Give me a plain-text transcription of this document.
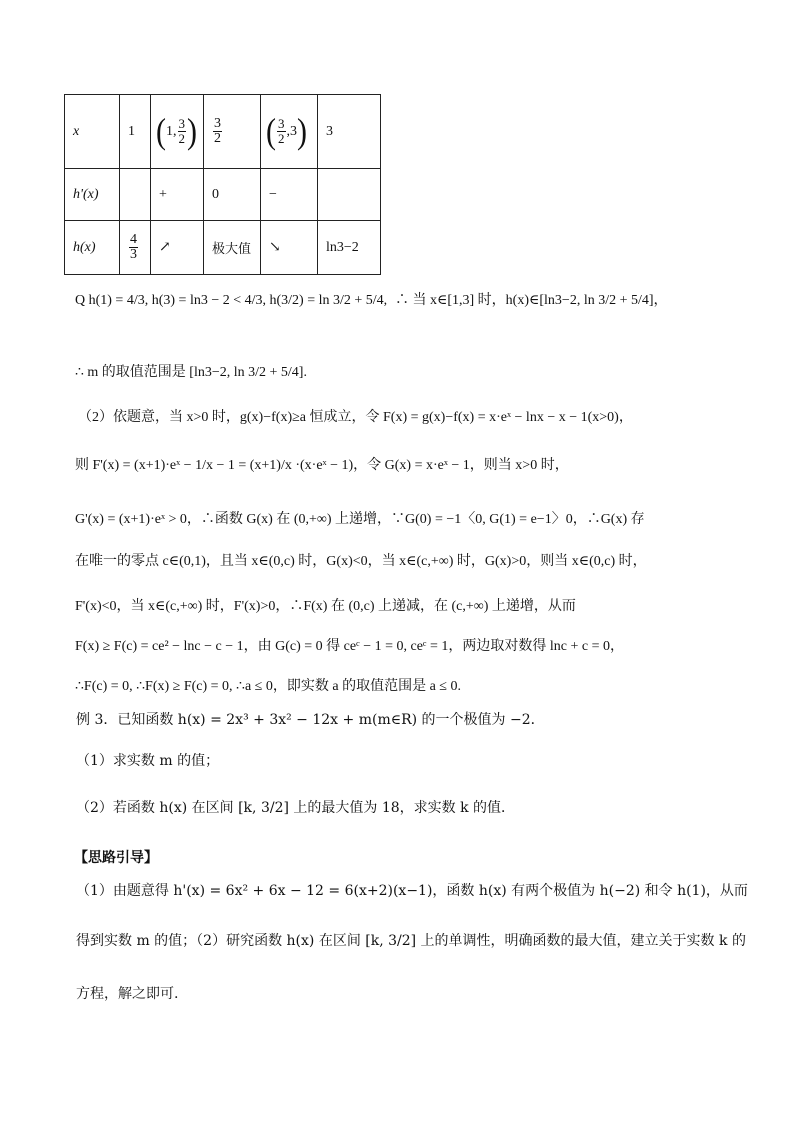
x	1	(1, $\frac{3}{2}$ )	$\frac{3}{2}$	( $\frac{3}{2} ,3$)	3
h'(x)		+	0	−	
h(x)	$\frac{4}{3}$	↗	极大值	↘	ln3−2
Q h(1) = 4/3, h(3) = ln3 − 2 < 4/3, h(3/2) = ln 3/2 + 5/4, ∴ 当 x∈[1,3] 时，h(x)∈[ln3−2, ln 3/2 + 5/4]，
∴ m 的取值范围是 [ln3−2, ln 3/2 + 5/4].
（2）依题意，当 x>0 时，g(x)−f(x)≥a 恒成立，令 F(x) = g(x)−f(x) = x·eˣ − lnx − x − 1(x>0)，
则 F'(x) = (x+1)·eˣ − 1/x − 1 = (x+1)/x ·(x·eˣ − 1)，令 G(x) = x·eˣ − 1，则当 x>0 时，
G'(x) = (x+1)·eˣ > 0，∴函数 G(x) 在 (0,+∞) 上递增，∵G(0) = −1〈0, G(1) = e−1〉0，∴G(x) 存
在唯一的零点 c∈(0,1)，且当 x∈(0,c) 时，G(x)<0，当 x∈(c,+∞) 时，G(x)>0，则当 x∈(0,c) 时，
F'(x)<0，当 x∈(c,+∞) 时，F'(x)>0，∴F(x) 在 (0,c) 上递减，在 (c,+∞) 上递增，从而
F(x) ≥ F(c) = ce² − lnc − c − 1，由 G(c) = 0 得 ceᶜ − 1 = 0, ceᶜ = 1，两边取对数得 lnc + c = 0，
∴F(c) = 0, ∴F(x) ≥ F(c) = 0, ∴a ≤ 0，即实数 a 的取值范围是 a ≤ 0.
例 3．已知函数 h(x) = 2x³ + 3x² − 12x + m(m∈R) 的一个极值为 −2．
（1）求实数 m 的值；
（2）若函数 h(x) 在区间 [k, 3/2] 上的最大值为 18，求实数 k 的值．
【思路引导】
（1）由题意得 h'(x) = 6x² + 6x − 12 = 6(x+2)(x−1)，函数 h(x) 有两个极值为 h(−2) 和令 h(1)，从而
得到实数 m 的值；（2）研究函数 h(x) 在区间 [k, 3/2] 上的单调性，明确函数的最大值，建立关于实数 k 的
方程，解之即可.
